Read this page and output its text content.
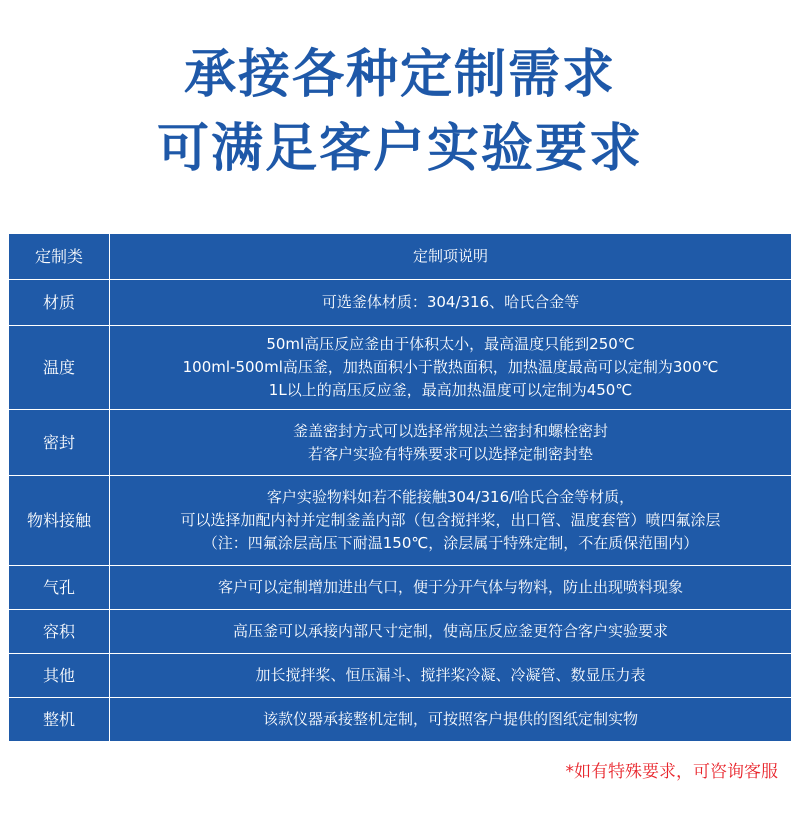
承接各种定制需求
可满足客户实验要求
定制类	定制项说明
材质	可选釜体材质：304/316、哈氏合金等

温度	50ml高压反应釜由于体积太小，最高温度只能到250℃
100ml-500ml高压釜，加热面积小于散热面积，加热温度最高可以定制为300℃
1L以上的高压反应釜，最高加热温度可以定制为450℃

密封	釜盖密封方式可以选择常规法兰密封和螺栓密封
若客户实验有特殊要求可以选择定制密封垫

物料接触	客户实验物料如若不能接触304/316/哈氏合金等材质，
可以选择加配内衬并定制釜盖内部（包含搅拌桨，出口管、温度套管）喷四氟涂层
（注：四氟涂层高压下耐温150℃，涂层属于特殊定制，不在质保范围内）

气孔	客户可以定制增加进出气口，便于分开气体与物料，防止出现喷料现象

容积	高压釜可以承接内部尺寸定制，使高压反应釜更符合客户实验要求

其他	加长搅拌桨、恒压漏斗、搅拌桨冷凝、冷凝管、数显压力表

整机	该款仪器承接整机定制，可按照客户提供的图纸定制实物
*如有特殊要求，可咨询客服
